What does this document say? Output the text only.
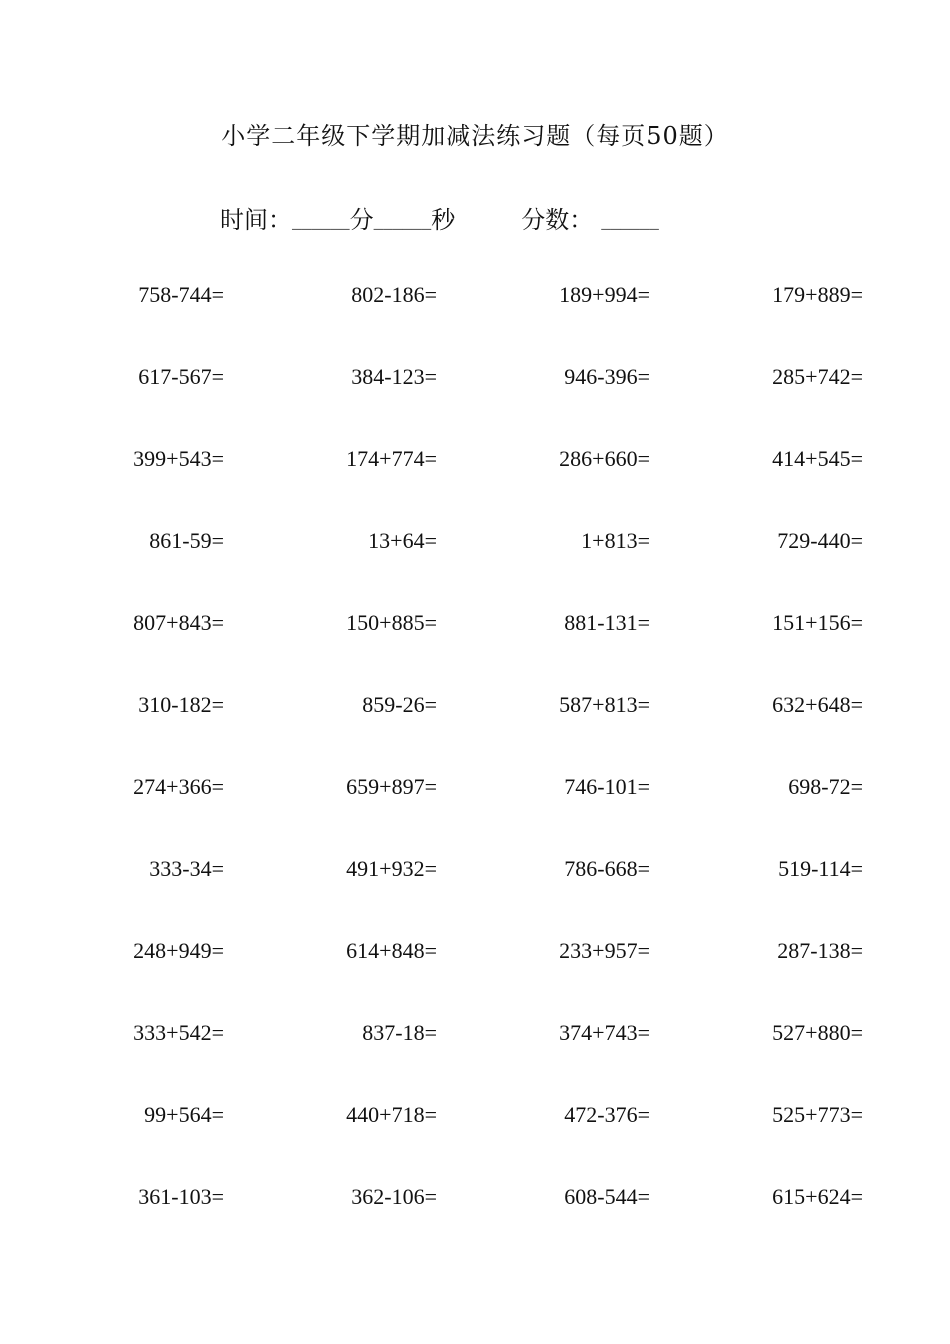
小学二年级下学期加减法练习题（每页50题）
时间：______分______秒	分数： ______
758-744=	802-186=	189+994=	179+889=
617-567=	384-123=	946-396=	285+742=
399+543=	174+774=	286+660=	414+545=
861-59=	13+64=	1+813=	729-440=
807+843=	150+885=	881-131=	151+156=
310-182=	859-26=	587+813=	632+648=
274+366=	659+897=	746-101=	698-72=
333-34=	491+932=	786-668=	519-114=
248+949=	614+848=	233+957=	287-138=
333+542=	837-18=	374+743=	527+880=
99+564=	440+718=	472-376=	525+773=
361-103=	362-106=	608-544=	615+624=
